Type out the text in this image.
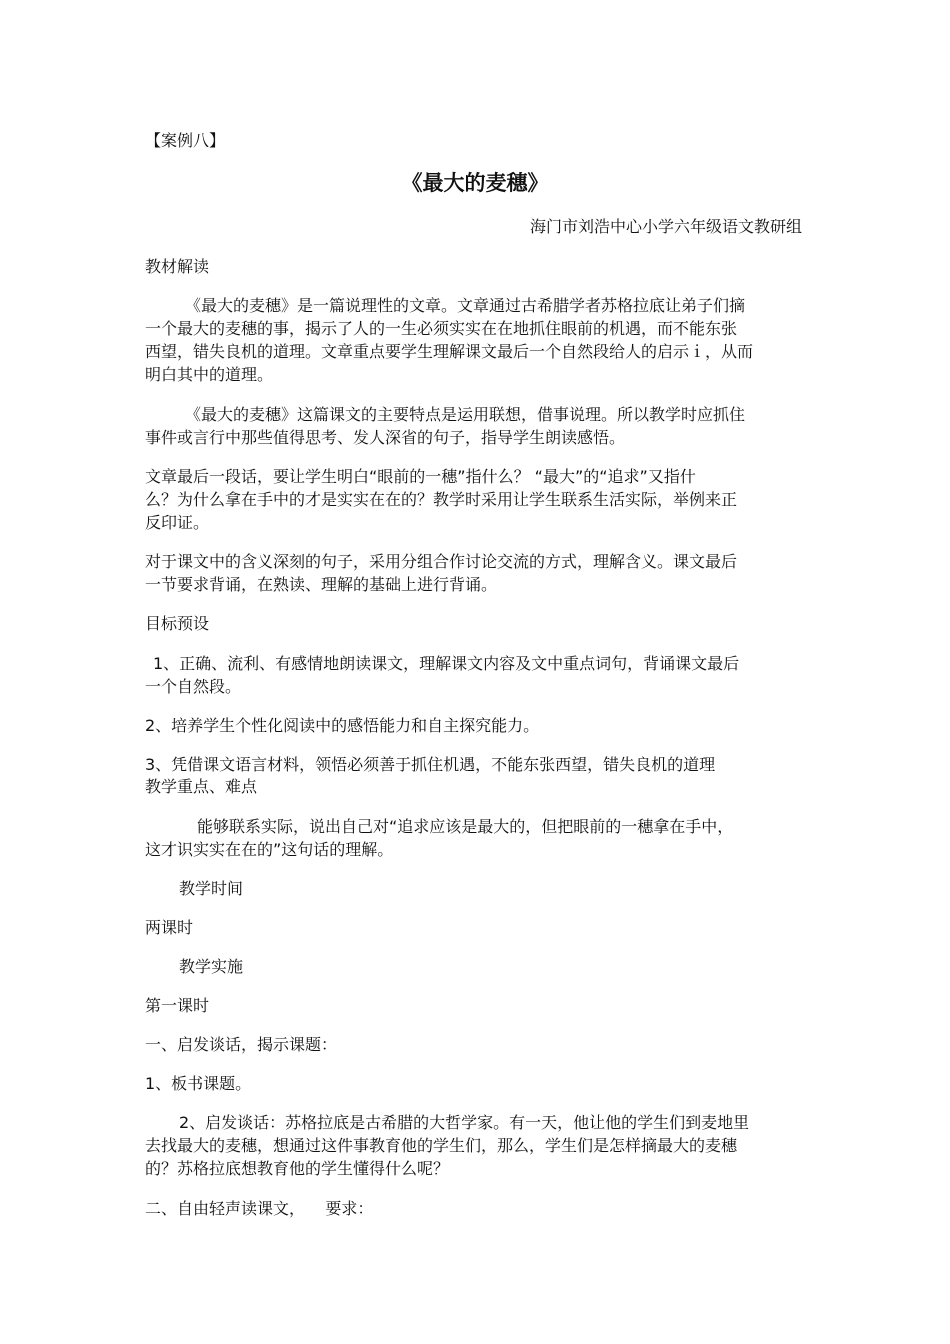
【案例八】
《最大的麦穗》
海门市刘浩中心小学六年级语文教研组
教材解读
《最大的麦穗》是一篇说理性的文章。文章通过古希腊学者苏格拉底让弟子们摘
一个最大的麦穗的事，揭示了人的一生必须实实在在地抓住眼前的机遇，而不能东张
西望，错失良机的道理。文章重点要学生理解课文最后一个自然段给人的启示ｉ，从而
明白其中的道理。
《最大的麦穗》这篇课文的主要特点是运用联想，借事说理。所以教学时应抓住
事件或言行中那些值得思考、发人深省的句子，指导学生朗读感悟。
文章最后一段话，要让学生明白“眼前的一穗”指什么？ “最大”的“追求”又指什
么？为什么拿在手中的才是实实在在的？教学时采用让学生联系生活实际，举例来正
反印证。
对于课文中的含义深刻的句子，采用分组合作讨论交流的方式，理解含义。课文最后
一节要求背诵，在熟读、理解的基础上进行背诵。
目标预设
1、正确、流利、有感情地朗读课文，理解课文内容及文中重点词句，背诵课文最后
一个自然段。
2、培养学生个性化阅读中的感悟能力和自主探究能力。
3、凭借课文语言材料，领悟必须善于抓住机遇，不能东张西望，错失良机的道理
教学重点、难点
能够联系实际，说出自己对“追求应该是最大的，但把眼前的一穗拿在手中，
这才识实实在在的”这句话的理解。
教学时间
两课时
教学实施
第一课时
一、启发谈话，揭示课题：
1、板书课题。
2、启发谈话：苏格拉底是古希腊的大哲学家。有一天，他让他的学生们到麦地里
去找最大的麦穗，想通过这件事教育他的学生们，那么，学生们是怎样摘最大的麦穗
的？苏格拉底想教育他的学生懂得什么呢？
二、自由轻声读课文，    要求：
